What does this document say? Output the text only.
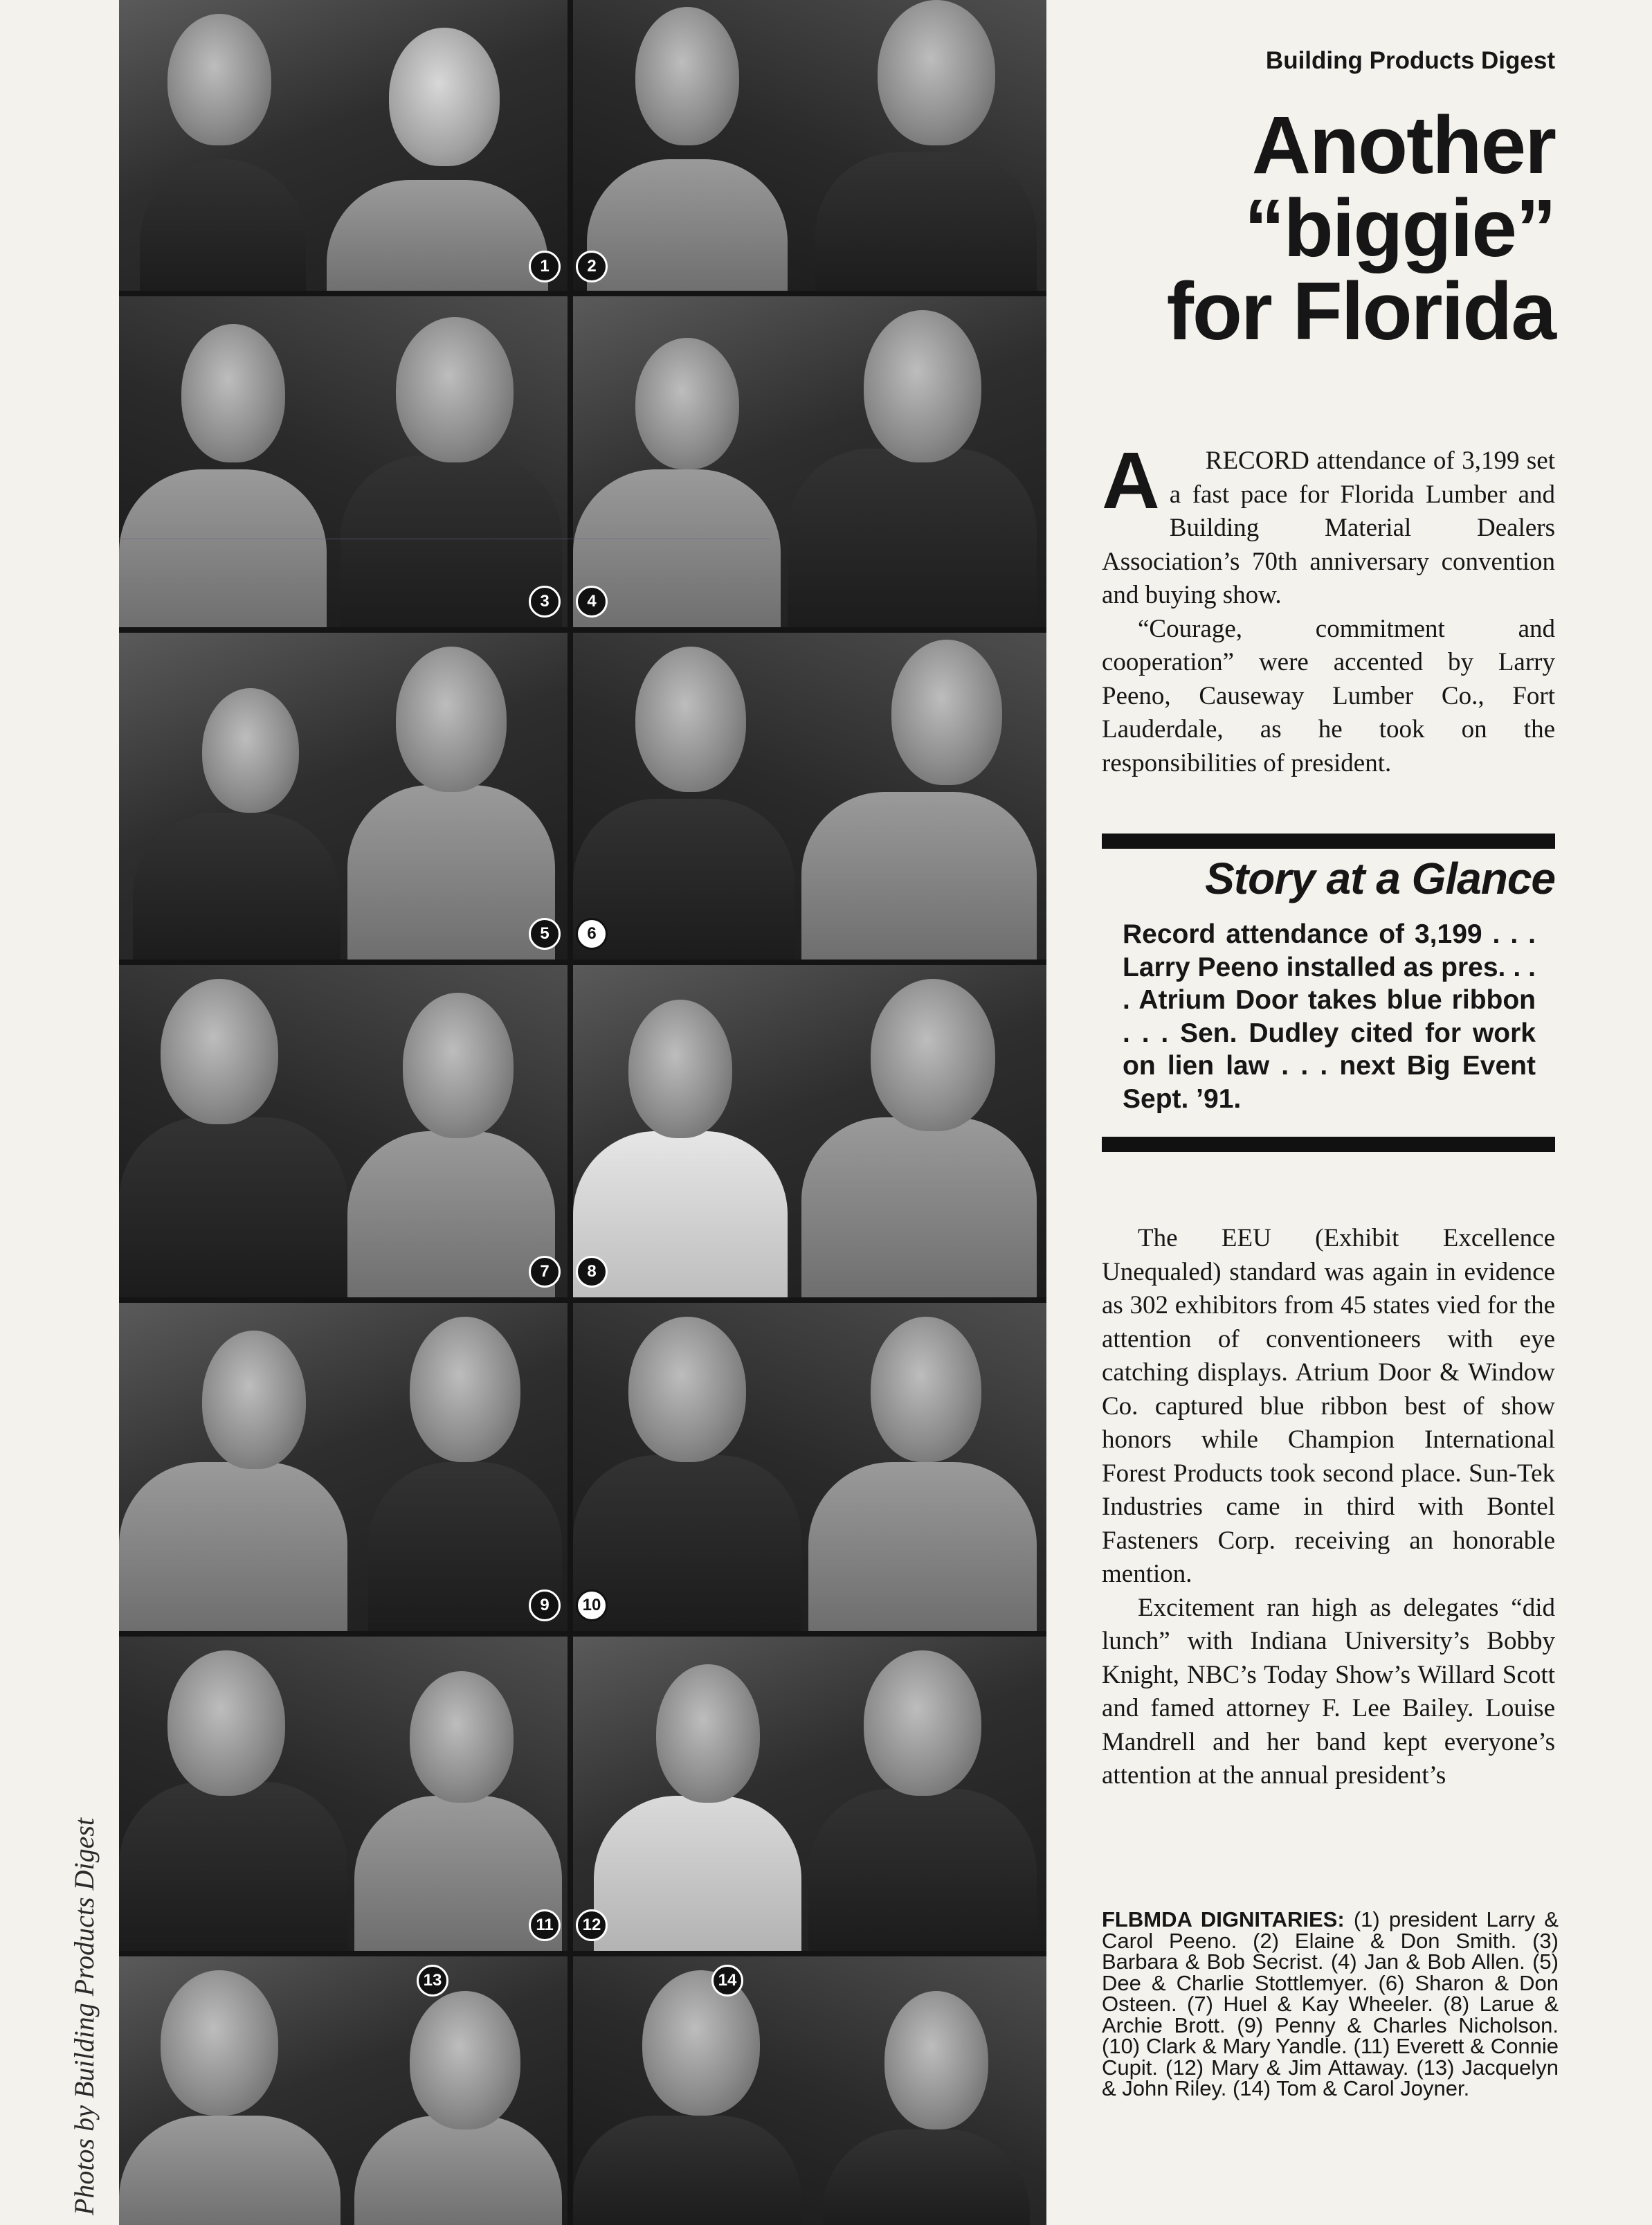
Photos by Building Products Digest
1	2
3	4
5	6
7	8
9	10
11	12
13	14
Building Products Digest
Another
“biggie”
for Florida

A RECORD attendance of 3,199 set a fast pace for Florida Lumber and Building Material Dealers Association’s 70th anniversary convention and buying show.

“Courage, commitment and cooperation” were accented by Larry Peeno, Causeway Lumber Co., Fort Lauderdale, as he took on the responsibilities of president.

Story at a Glance
Record attendance of 3,199 . . . Larry Peeno installed as pres. . . . Atrium Door takes blue ribbon . . . Sen. Dudley cited for work on lien law . . . next Big Event Sept. ’91.

The EEU (Exhibit Excellence Unequaled) standard was again in evidence as 302 exhibitors from 45 states vied for the attention of conventioneers with eye catching displays. Atrium Door & Window Co. captured blue ribbon best of show honors while Champion International Forest Products took second place. Sun-Tek Industries came in third with Bontel Fasteners Corp. receiving an honorable mention.

Excitement ran high as delegates “did lunch” with Indiana University’s Bobby Knight, NBC’s Today Show’s Willard Scott and famed attorney F. Lee Bailey. Louise Mandrell and her band kept everyone’s attention at the annual president’s

FLBMDA DIGNITARIES: (1) president Larry & Carol Peeno. (2) Elaine & Don Smith. (3) Barbara & Bob Secrist. (4) Jan & Bob Allen. (5) Dee & Charlie Stottlemyer. (6) Sharon & Don Osteen. (7) Huel & Kay Wheeler. (8) Larue & Archie Brott. (9) Penny & Charles Nicholson. (10) Clark & Mary Yandle. (11) Everett & Connie Cupit. (12) Mary & Jim Attaway. (13) Jacquelyn & John Riley. (14) Tom & Carol Joyner.
